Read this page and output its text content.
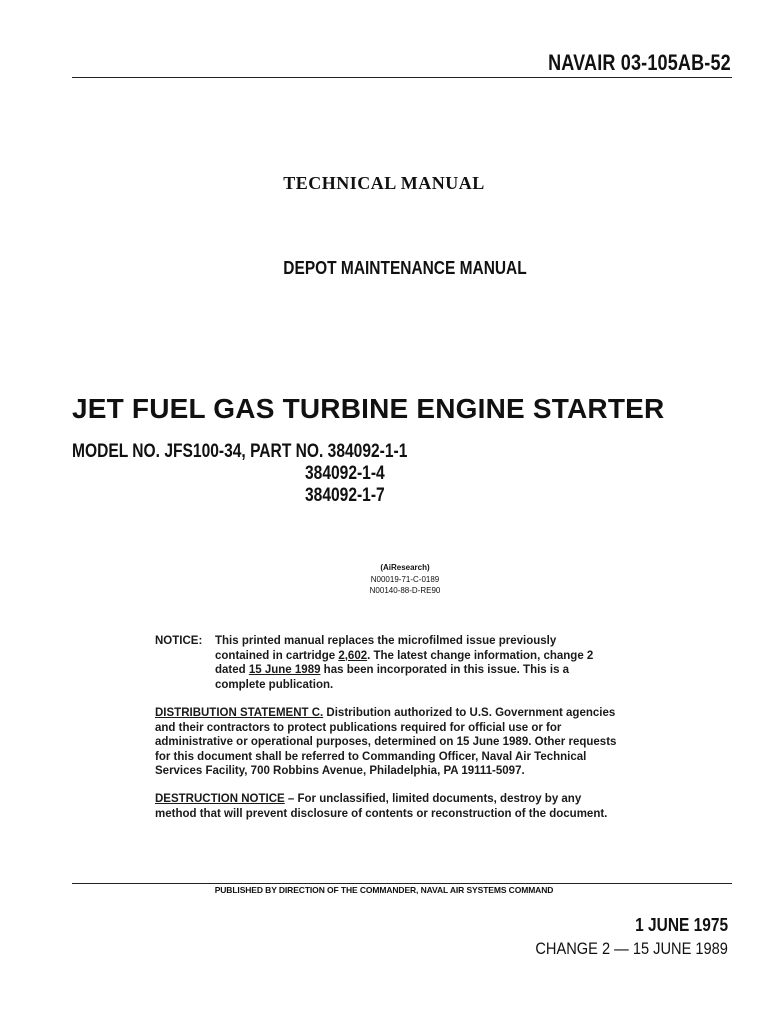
NAVAIR 03-105AB-52
TECHNICAL MANUAL
DEPOT MAINTENANCE MANUAL
JET FUEL GAS TURBINE ENGINE STARTER
MODEL NO. JFS100-34, PART NO. 384092-1-1
384092-1-4
384092-1-7
(AiResearch)
N00019-71-C-0189
N00140-88-D-RE90
NOTICE: This printed manual replaces the microfilmed issue previously contained in cartridge 2,602. The latest change information, change 2 dated 15 June 1989 has been incorporated in this issue. This is a complete publication.
DISTRIBUTION STATEMENT C. Distribution authorized to U.S. Government agencies and their contractors to protect publications required for official use or for administrative or operational purposes, determined on 15 June 1989. Other requests for this document shall be referred to Commanding Officer, Naval Air Technical Services Facility, 700 Robbins Avenue, Philadelphia, PA 19111-5097.
DESTRUCTION NOTICE – For unclassified, limited documents, destroy by any method that will prevent disclosure of contents or reconstruction of the document.
PUBLISHED BY DIRECTION OF THE COMMANDER, NAVAL AIR SYSTEMS COMMAND
1 JUNE 1975
CHANGE 2 — 15 JUNE 1989
